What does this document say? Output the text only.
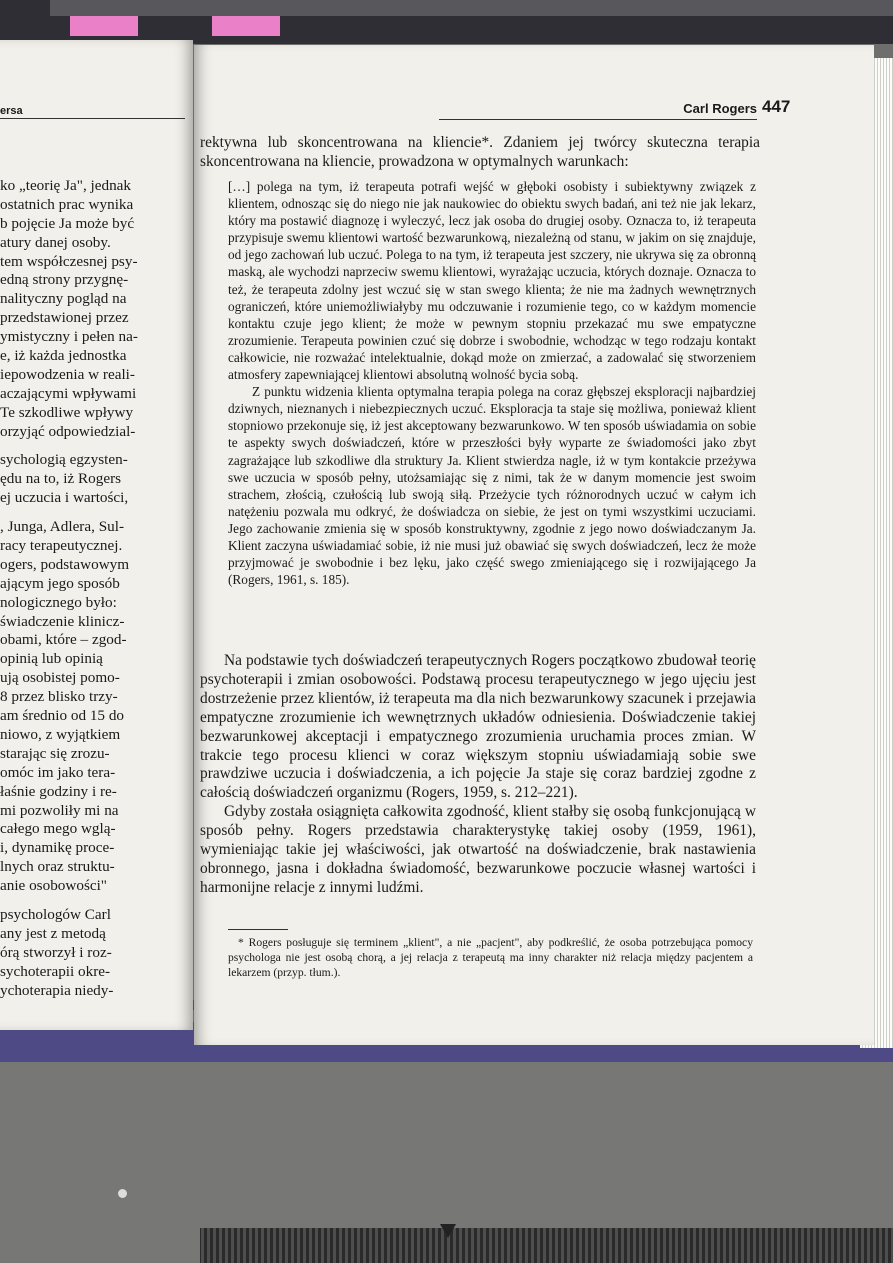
ersa
ko „teorię Ja", jednak
ostatnich prac wynika
b pojęcie Ja może być
atury danej osoby.
tem współczesnej psy-
edną strony przygnę-
nalityczny pogląd na
przedstawionej przez
ymistyczny i pełen na-
e, iż każda jednostka
iepowodzenia w reali-
aczającymi wpływami
Te szkodliwe wpływy
orzyjąć odpowiedzial-
sychologią egzysten-
ędu na to, iż Rogers
ej uczucia i wartości,
, Junga, Adlera, Sul-
racy terapeutycznej.
ogers, podstawowym
ającym jego sposób
nologicznego było:
świadczenie klinicz-
obami, które – zgod-
opinią lub opinią
ują osobistej pomo-
8 przez blisko trzy-
am średnio od 15 do
niowo, z wyjątkiem
starając się zrozu-
omóc im jako tera-
łaśnie godziny i re-
mi pozwoliły mi na
całego mego wglą-
i, dynamikę proce-
lnych oraz struktu-
anie osobowości"
psychologów Carl
any jest z metodą
órą stworzył i roz-
sychoterapii okre-
ychoterapia niedy-
Carl Rogers 447

rektywna lub skoncentrowana na kliencie*. Zdaniem jej twórcy skuteczna terapia skoncentrowana na kliencie, prowadzona w optymalnych warunkach:

[…] polega na tym, iż terapeuta potrafi wejść w głęboki osobisty i subiektywny związek z klientem, odnosząc się do niego nie jak naukowiec do obiektu swych badań, ani też nie jak lekarz, który ma postawić diagnozę i wyleczyć, lecz jak osoba do drugiej osoby. Oznacza to, iż terapeuta przypisuje swemu klientowi wartość bezwarunkową, niezależną od stanu, w jakim on się znajduje, od jego zachowań lub uczuć. Polega to na tym, iż terapeuta jest szczery, nie ukrywa się za obronną maską, ale wychodzi naprzeciw swemu klientowi, wyrażając uczucia, których doznaje. Oznacza to też, że terapeuta zdolny jest wczuć się w stan swego klienta; że nie ma żadnych wewnętrznych ograniczeń, które uniemożliwiałyby mu odczuwanie i rozumienie tego, co w każdym momencie kontaktu czuje jego klient; że może w pewnym stopniu przekazać mu swe empatyczne zrozumienie. Terapeuta powinien czuć się dobrze i swobodnie, wchodząc w tego rodzaju kontakt całkowicie, nie rozważać intelektualnie, dokąd może on zmierzać, a zadowalać się stworzeniem atmosfery zapewniającej klientowi absolutną wolność bycia sobą.

Z punktu widzenia klienta optymalna terapia polega na coraz głębszej eksploracji najbardziej dziwnych, nieznanych i niebezpiecznych uczuć. Eksploracja ta staje się możliwa, ponieważ klient stopniowo przekonuje się, iż jest akceptowany bezwarunkowo. W ten sposób uświadamia on sobie te aspekty swych doświadczeń, które w przeszłości były wyparte ze świadomości jako zbyt zagrażające lub szkodliwe dla struktury Ja. Klient stwierdza nagle, iż w tym kontakcie przeżywa swe uczucia w sposób pełny, utożsamiając się z nimi, tak że w danym momencie jest swoim strachem, złością, czułością lub swoją siłą. Przeżycie tych różnorodnych uczuć w całym ich natężeniu pozwala mu odkryć, że doświadcza on siebie, że jest on tymi wszystkimi uczuciami. Jego zachowanie zmienia się w sposób konstruktywny, zgodnie z jego nowo doświadczanym Ja. Klient zaczyna uświadamiać sobie, iż nie musi już obawiać się swych doświadczeń, lecz że może przyjmować je swobodnie i bez lęku, jako część swego zmieniającego się i rozwijającego Ja (Rogers, 1961, s. 185).

Na podstawie tych doświadczeń terapeutycznych Rogers początkowo zbudował teorię psychoterapii i zmian osobowości. Podstawą procesu terapeutycznego w jego ujęciu jest dostrzeżenie przez klientów, iż terapeuta ma dla nich bezwarunkowy szacunek i przejawia empatyczne zrozumienie ich wewnętrznych układów odniesienia. Doświadczenie takiej bezwarunkowej akceptacji i empatycznego zrozumienia uruchamia proces zmian. W trakcie tego procesu klienci w coraz większym stopniu uświadamiają sobie swe prawdziwe uczucia i doświadczenia, a ich pojęcie Ja staje się coraz bardziej zgodne z całością doświadczeń organizmu (Rogers, 1959, s. 212–221).

Gdyby została osiągnięta całkowita zgodność, klient stałby się osobą funkcjonującą w sposób pełny. Rogers przedstawia charakterystykę takiej osoby (1959, 1961), wymieniając takie jej właściwości, jak otwartość na doświadczenie, brak nastawienia obronnego, jasna i dokładna świadomość, bezwarunkowe poczucie własnej wartości i harmonijne relacje z innymi ludźmi.

* Rogers posługuje się terminem „klient", a nie „pacjent", aby podkreślić, że osoba potrzebująca pomocy psychologa nie jest osobą chorą, a jej relacja z terapeutą ma inny charakter niż relacja między pacjentem a lekarzem (przyp. tłum.).
